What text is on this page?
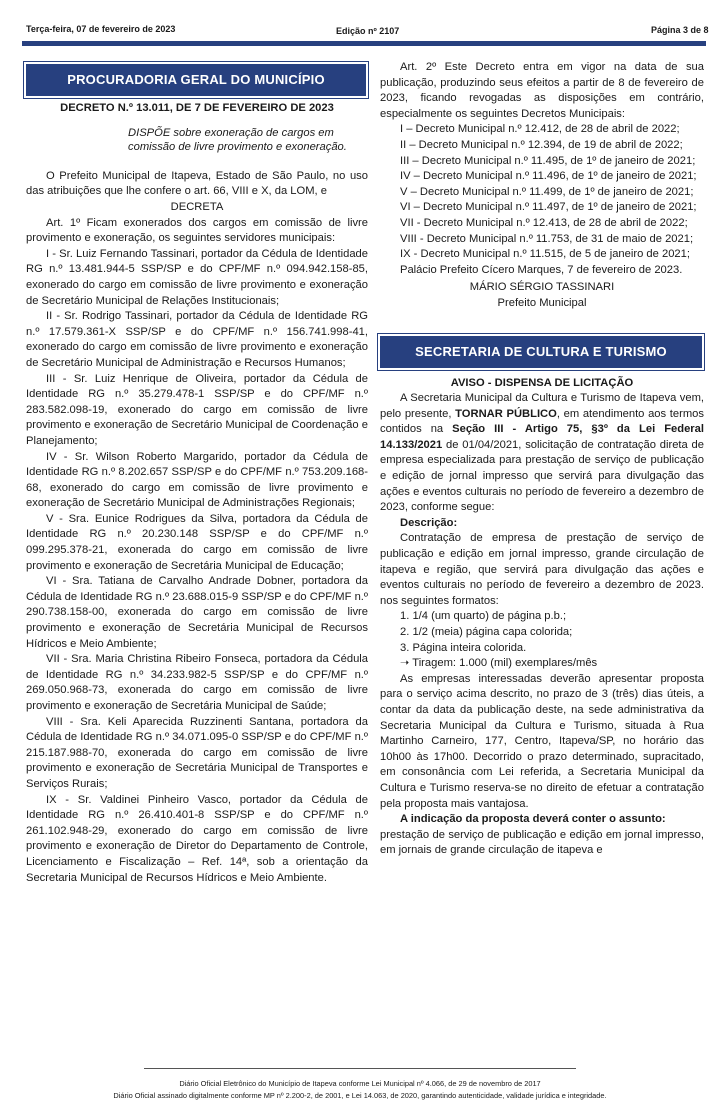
Terça-feira, 07 de fevereiro de 2023	Edição nº 2107	Página 3 de 8
PROCURADORIA GERAL DO MUNICÍPIO
DECRETO N.º 13.011, DE 7 DE FEVEREIRO DE 2023

DISPÕE sobre exoneração de cargos em comissão de livre provimento e exoneração.

O Prefeito Municipal de Itapeva, Estado de São Paulo, no uso das atribuições que lhe confere o art. 66, VIII e X, da LOM, e

DECRETA

Art. 1º Ficam exonerados dos cargos em comissão de livre provimento e exoneração, os seguintes servidores municipais:

I - Sr. Luiz Fernando Tassinari, portador da Cédula de Identidade RG n.º 13.481.944-5 SSP/SP e do CPF/MF n.º 094.942.158-85, exonerado do cargo em comissão de livre provimento e exoneração de Secretário Municipal de Relações Institucionais;

II - Sr. Rodrigo Tassinari, portador da Cédula de Identidade RG n.º 17.579.361-X SSP/SP e do CPF/MF n.º 156.741.998-41, exonerado do cargo em comissão de livre provimento e exoneração de Secretário Municipal de Administração e Recursos Humanos;

III - Sr. Luiz Henrique de Oliveira, portador da Cédula de Identidade RG n.º 35.279.478-1 SSP/SP e do CPF/MF n.º 283.582.098-19, exonerado do cargo em comissão de livre provimento e exoneração de Secretário Municipal de Coordenação e Planejamento;

IV - Sr. Wilson Roberto Margarido, portador da Cédula de Identidade RG n.º 8.202.657 SSP/SP e do CPF/MF n.º 753.209.168-68, exonerado do cargo em comissão de livre provimento e exoneração de Secretário Municipal de Administrações Regionais;

V - Sra. Eunice Rodrigues da Silva, portadora da Cédula de Identidade RG n.º 20.230.148 SSP/SP e do CPF/MF n.º 099.295.378-21, exonerada do cargo em comissão de livre provimento e exoneração de Secretária Municipal de Educação;

VI - Sra. Tatiana de Carvalho Andrade Dobner, portadora da Cédula de Identidade RG n.º 23.688.015-9 SSP/SP e do CPF/MF n.º 290.738.158-00, exonerada do cargo em comissão de livre provimento e exoneração de Secretária Municipal de Recursos Hídricos e Meio Ambiente;

VII - Sra. Maria Christina Ribeiro Fonseca, portadora da Cédula de Identidade RG n.º 34.233.982-5 SSP/SP e do CPF/MF n.º 269.050.968-73, exonerada do cargo em comissão de livre provimento e exoneração de Secretária Municipal de Saúde;

VIII - Sra. Keli Aparecida Ruzzinenti Santana, portadora da Cédula de Identidade RG n.º 34.071.095-0 SSP/SP e do CPF/MF n.º 215.187.988-70, exonerada do cargo em comissão de livre provimento e exoneração de Secretária Municipal de Transportes e Serviços Rurais;

IX - Sr. Valdinei Pinheiro Vasco, portador da Cédula de Identidade RG n.º 26.410.401-8 SSP/SP e do CPF/MF n.º 261.102.948-29, exonerado do cargo em comissão de livre provimento e exoneração de Diretor do Departamento de Controle, Licenciamento e Fiscalização – Ref. 14ª, sob a orientação da Secretaria Municipal de Recursos Hídricos e Meio Ambiente.

Art. 2º Este Decreto entra em vigor na data de sua publicação, produzindo seus efeitos a partir de 8 de fevereiro de 2023, ficando revogadas as disposições em contrário, especialmente os seguintes Decretos Municipais:

I – Decreto Municipal n.º 12.412, de 28 de abril de 2022;

II – Decreto Municipal n.º 12.394, de 19 de abril de 2022;

III – Decreto Municipal n.º 11.495, de 1º de janeiro de 2021;

IV – Decreto Municipal n.º 11.496, de 1º de janeiro de 2021;

V – Decreto Municipal n.º 11.499, de 1º de janeiro de 2021;

VI – Decreto Municipal n.º 11.497, de 1º de janeiro de 2021;

VII - Decreto Municipal n.º 12.413, de 28 de abril de 2022;

VIII - Decreto Municipal n.º 11.753, de 31 de maio de 2021;

IX - Decreto Municipal n.º 11.515, de 5 de janeiro de 2021;

Palácio Prefeito Cícero Marques, 7 de fevereiro de 2023.

MÁRIO SÉRGIO TASSINARI

Prefeito Municipal

SECRETARIA DE CULTURA E TURISMO

AVISO - DISPENSA DE LICITAÇÃO

A Secretaria Municipal da Cultura e Turismo de Itapeva vem, pelo presente, TORNAR PÚBLICO, em atendimento aos termos contidos na Seção III - Artigo 75, §3º da Lei Federal 14.133/2021 de 01/04/2021, solicitação de contratação direta de empresa especializada para prestação de serviço de publicação e edição de jornal impresso que servirá para divulgação das ações e eventos culturais no período de fevereiro a dezembro de 2023, conforme segue:

Descrição:

Contratação de empresa de prestação de serviço de publicação e edição em jornal impresso, grande circulação de itapeva e região, que servirá para divulgação das ações e eventos culturais no período de fevereiro a dezembro de 2023. nos seguintes formatos:

1. 1/4 (um quarto) de página p.b.;

2. 1/2 (meia) página capa colorida;

3. Página inteira colorida.

➝ Tiragem: 1.000 (mil) exemplares/mês

As empresas interessadas deverão apresentar proposta para o serviço acima descrito, no prazo de 3 (três) dias úteis, a contar da data da publicação deste, na sede administrativa da Secretaria Municipal da Cultura e Turismo, situada à Rua Martinho Carneiro, 177, Centro, Itapeva/SP, no horário das 10h00 às 17h00. Decorrido o prazo determinado, supracitado, em consonância com Lei referida, a Secretaria Municipal da Cultura e Turismo reserva-se no direito de efetuar a contratação pela proposta mais vantajosa.

A indicação da proposta deverá conter o assunto:

prestação de serviço de publicação e edição em jornal impresso, em jornais de grande circulação de itapeva e

Diário Oficial Eletrônico do Município de Itapeva conforme Lei Municipal nº 4.066, de 29 de novembro de 2017
Diário Oficial assinado digitalmente conforme MP nº 2.200-2, de 2001, e Lei 14.063, de 2020, garantindo autenticidade, validade jurídica e integridade.
